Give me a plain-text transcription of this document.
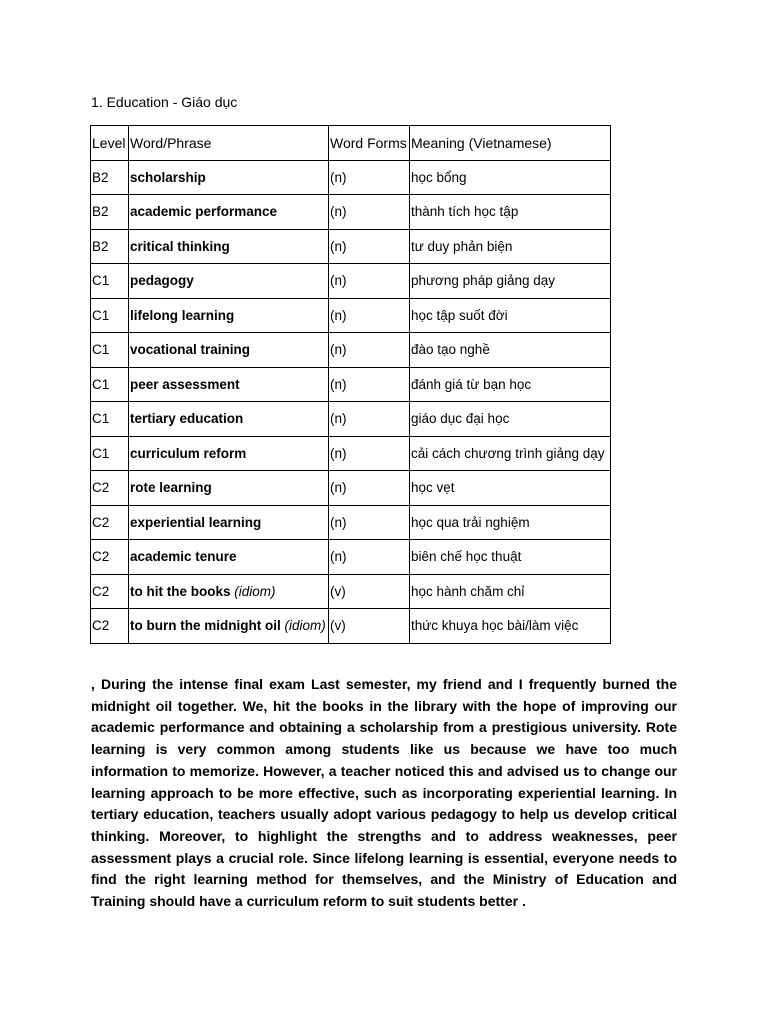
1. Education - Giáo dục
Level	Word/Phrase	Word Forms	Meaning (Vietnamese)
B2	scholarship	(n)	học bổng
B2	academic performance	(n)	thành tích học tập
B2	critical thinking	(n)	tư duy phản biện
C1	pedagogy	(n)	phương pháp giảng dạy
C1	lifelong learning	(n)	học tập suốt đời
C1	vocational training	(n)	đào tạo nghề
C1	peer assessment	(n)	đánh giá từ bạn học
C1	tertiary education	(n)	giáo dục đại học
C1	curriculum reform	(n)	cải cách chương trình giảng dạy
C2	rote learning	(n)	học vẹt
C2	experiential learning	(n)	học qua trải nghiệm
C2	academic tenure	(n)	biên chế học thuật
C2	to hit the books (idiom)	(v)	học hành chăm chỉ
C2	to burn the midnight oil (idiom)	(v)	thức khuya học bài/làm việc

, During the intense final exam Last semester, my friend and I frequently burned the midnight oil together. We, hit the books in the library with the hope of improving our academic performance and obtaining a scholarship from a prestigious university. Rote learning is very common among students like us because we have too much information to memorize. However, a teacher noticed this and advised us to change our learning approach to be more effective, such as incorporating experiential learning. In tertiary education, teachers usually adopt various pedagogy to help us develop critical thinking. Moreover, to highlight the strengths and to address weaknesses, peer assessment plays a crucial role. Since lifelong learning is essential, everyone needs to find the right learning method for themselves, and the Ministry of Education and Training should have a curriculum reform to suit students better .
